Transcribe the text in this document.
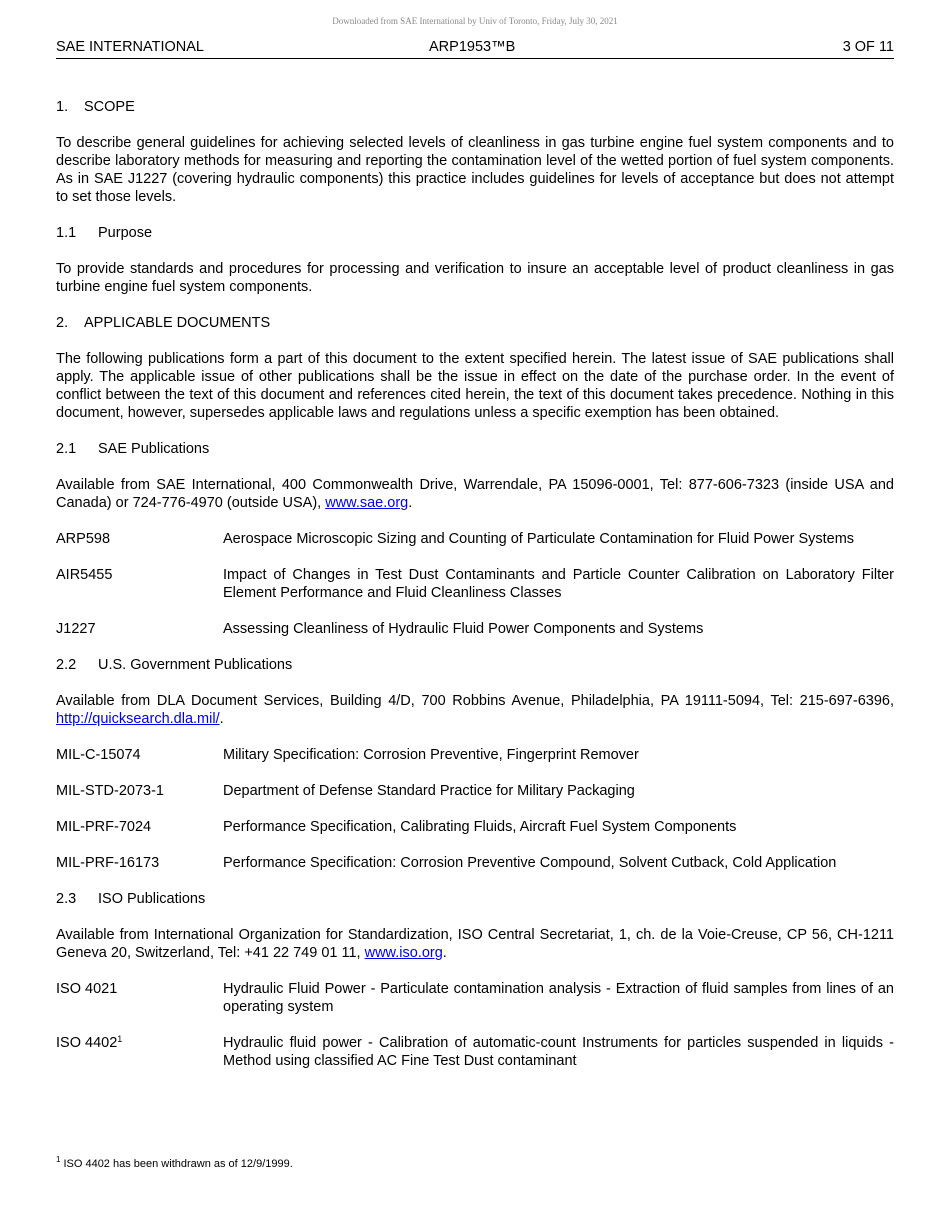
Downloaded from SAE International by Univ of Toronto, Friday, July 30, 2021
SAE INTERNATIONAL	ARP1953™B	3 OF 11
1. SCOPE

To describe general guidelines for achieving selected levels of cleanliness in gas turbine engine fuel system components and to describe laboratory methods for measuring and reporting the contamination level of the wetted portion of fuel system components. As in SAE J1227 (covering hydraulic components) this practice includes guidelines for levels of acceptance but does not attempt to set those levels.

1.1 Purpose

To provide standards and procedures for processing and verification to insure an acceptable level of product cleanliness in gas turbine engine fuel system components.

2. APPLICABLE DOCUMENTS

The following publications form a part of this document to the extent specified herein. The latest issue of SAE publications shall apply. The applicable issue of other publications shall be the issue in effect on the date of the purchase order. In the event of conflict between the text of this document and references cited herein, the text of this document takes precedence. Nothing in this document, however, supersedes applicable laws and regulations unless a specific exemption has been obtained.

2.1 SAE Publications

Available from SAE International, 400 Commonwealth Drive, Warrendale, PA 15096-0001, Tel: 877-606-7323 (inside USA and Canada) or 724-776-4970 (outside USA), www.sae.org.

ARP598	Aerospace Microscopic Sizing and Counting of Particulate Contamination for Fluid Power Systems
AIR5455	Impact of Changes in Test Dust Contaminants and Particle Counter Calibration on Laboratory Filter Element Performance and Fluid Cleanliness Classes
J1227	Assessing Cleanliness of Hydraulic Fluid Power Components and Systems
2.2 U.S. Government Publications

Available from DLA Document Services, Building 4/D, 700 Robbins Avenue, Philadelphia, PA 19111-5094, Tel: 215-697-6396, http://quicksearch.dla.mil/.

MIL-C-15074	Military Specification: Corrosion Preventive, Fingerprint Remover
MIL-STD-2073-1	Department of Defense Standard Practice for Military Packaging
MIL-PRF-7024	Performance Specification, Calibrating Fluids, Aircraft Fuel System Components
MIL-PRF-16173	Performance Specification: Corrosion Preventive Compound, Solvent Cutback, Cold Application
2.3 ISO Publications

Available from International Organization for Standardization, ISO Central Secretariat, 1, ch. de la Voie-Creuse, CP 56, CH-1211 Geneva 20, Switzerland, Tel: +41 22 749 01 11, www.iso.org.

ISO 4021	Hydraulic Fluid Power - Particulate contamination analysis - Extraction of fluid samples from lines of an operating system
ISO 4402$^1$	Hydraulic fluid power - Calibration of automatic-count Instruments for particles suspended in liquids - Method using classified AC Fine Test Dust contaminant
$^1$ ISO 4402 has been withdrawn as of 12/9/1999.
